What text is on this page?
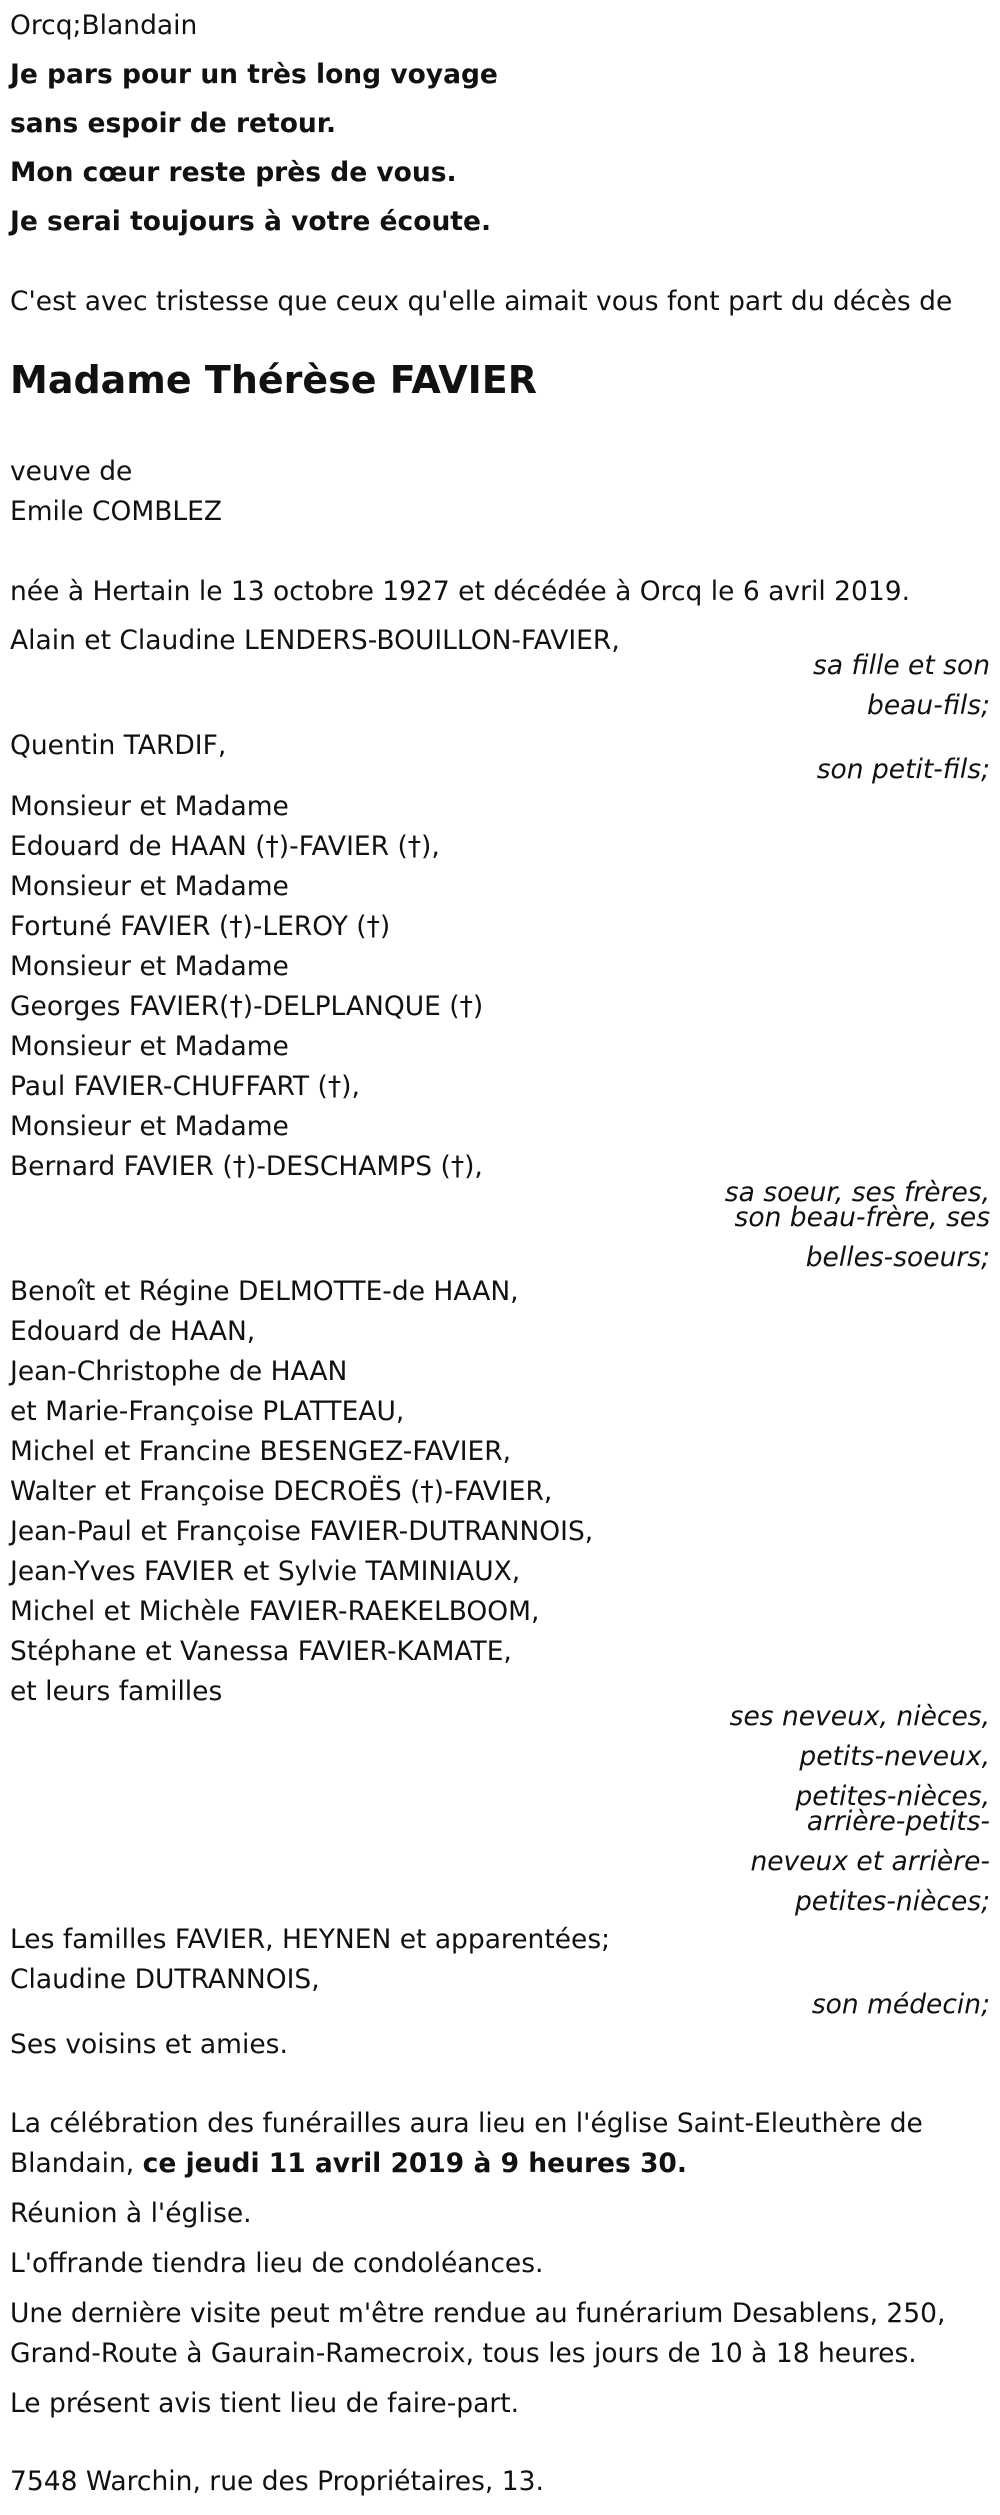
Orcq;Blandain
Je pars pour un très long voyage
sans espoir de retour.
Mon cœur reste près de vous.
Je serai toujours à votre écoute.
C'est avec tristesse que ceux qu'elle aimait vous font part du décès de
Madame Thérèse FAVIER
veuve de
Emile COMBLEZ
née à Hertain le 13 octobre 1927 et décédée à Orcq le 6 avril 2019.
Alain et Claudine LENDERS-BOUILLON-FAVIER,
sa fille et son
beau-fils;
Quentin TARDIF,
son petit-fils;
Monsieur et Madame
Edouard de HAAN (†)-FAVIER (†),
Monsieur et Madame
Fortuné FAVIER (†)-LEROY (†)
Monsieur et Madame
Georges FAVIER(†)-DELPLANQUE (†)
Monsieur et Madame
Paul FAVIER-CHUFFART (†),
Monsieur et Madame
Bernard FAVIER (†)-DESCHAMPS (†),
sa soeur, ses frères,
son beau-frère, ses
belles-soeurs;
Benoît et Régine DELMOTTE-de HAAN,
Edouard de HAAN,
Jean-Christophe de HAAN
et Marie-Françoise PLATTEAU,
Michel et Francine BESENGEZ-FAVIER,
Walter et Françoise DECROËS (†)-FAVIER,
Jean-Paul et Françoise FAVIER-DUTRANNOIS,
Jean-Yves FAVIER et Sylvie TAMINIAUX,
Michel et Michèle FAVIER-RAEKELBOOM,
Stéphane et Vanessa FAVIER-KAMATE,
et leurs familles
ses neveux, nièces,
petits-neveux,
petites-nièces,
arrière-petits-
neveux et arrière-
petites-nièces;
Les familles FAVIER, HEYNEN et apparentées;
Claudine DUTRANNOIS,
son médecin;
Ses voisins et amies.
La célébration des funérailles aura lieu en l'église Saint-Eleuthère de
Blandain, ce jeudi 11 avril 2019 à 9 heures 30.
Réunion à l'église.
L'offrande tiendra lieu de condoléances.
Une dernière visite peut m'être rendue au funérarium Desablens, 250,
Grand-Route à Gaurain-Ramecroix, tous les jours de 10 à 18 heures.
Le présent avis tient lieu de faire-part.
7548 Warchin, rue des Propriétaires, 13.
